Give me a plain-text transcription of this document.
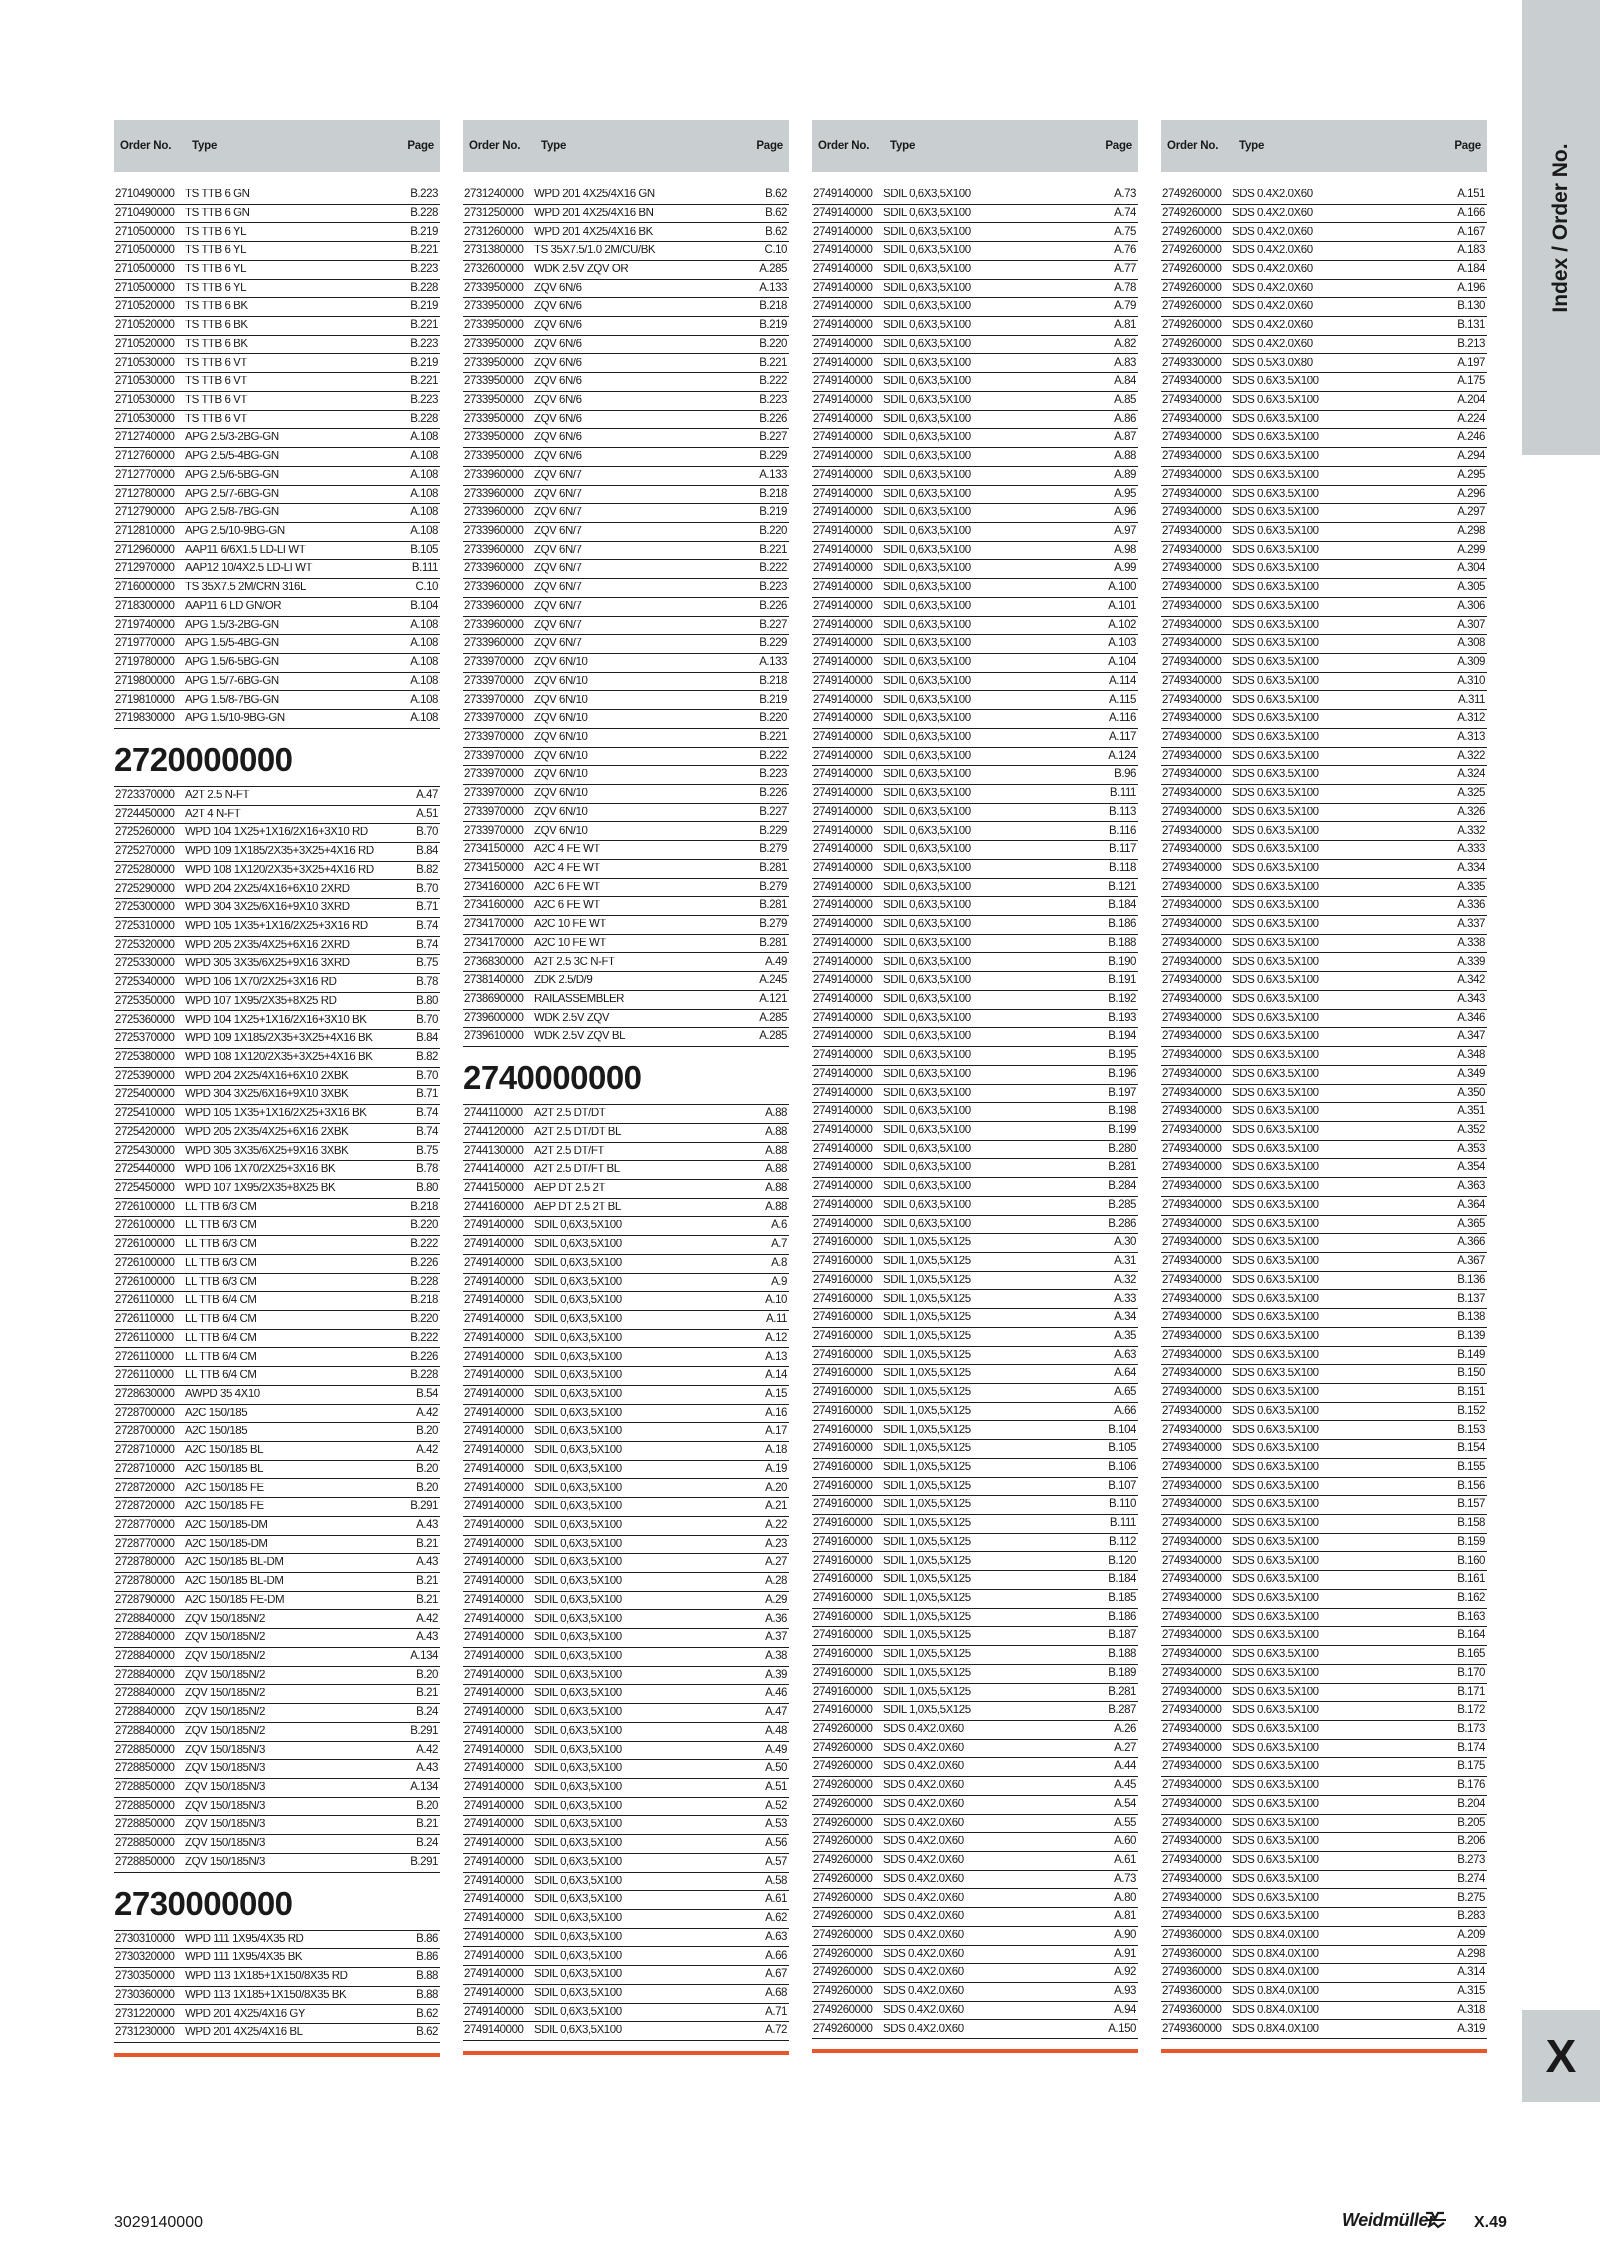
Order No.	Type	Page
2710490000 TS TTB 6 GN	B.223
2710490000 TS TTB 6 GN	B.228
2710500000 TS TTB 6 YL	B.219
2710500000 TS TTB 6 YL	B.221
2710500000 TS TTB 6 YL	B.223
2710500000 TS TTB 6 YL	B.228
2710520000 TS TTB 6 BK	B.219
2710520000 TS TTB 6 BK	B.221
2710520000 TS TTB 6 BK	B.223
2710530000 TS TTB 6 VT	B.219
2710530000 TS TTB 6 VT	B.221
2710530000 TS TTB 6 VT	B.223
2710530000 TS TTB 6 VT	B.228
2712740000 APG 2.5/3-2BG-GN	A.108
2712760000 APG 2.5/5-4BG-GN	A.108
2712770000 APG 2.5/6-5BG-GN	A.108
2712780000 APG 2.5/7-6BG-GN	A.108
2712790000 APG 2.5/8-7BG-GN	A.108
2712810000 APG 2.5/10-9BG-GN	A.108
2712960000 AAP11 6/6X1.5 LD-LI WT	B.105
2712970000 AAP12 10/4X2.5 LD-LI WT	B.111
2716000000 TS 35X7.5 2M/CRN 316L	C.10
2718300000 AAP11 6 LD GN/OR	B.104
2719740000 APG 1.5/3-2BG-GN	A.108
2719770000 APG 1.5/5-4BG-GN	A.108
2719780000 APG 1.5/6-5BG-GN	A.108
2719800000 APG 1.5/7-6BG-GN	A.108
2719810000 APG 1.5/8-7BG-GN	A.108
2719830000 APG 1.5/10-9BG-GN	A.108
2720000000
2723370000 A2T 2.5 N-FT	A.47
2724450000 A2T 4 N-FT	A.51
2725260000 WPD 104 1X25+1X16/2X16+3X10 RD	B.70
2725270000 WPD 109 1X185/2X35+3X25+4X16 RD	B.84
2725280000 WPD 108 1X120/2X35+3X25+4X16 RD	B.82
2725290000 WPD 204 2X25/4X16+6X10 2XRD	B.70
2725300000 WPD 304 3X25/6X16+9X10 3XRD	B.71
2725310000 WPD 105 1X35+1X16/2X25+3X16 RD	B.74
2725320000 WPD 205 2X35/4X25+6X16 2XRD	B.74
2725330000 WPD 305 3X35/6X25+9X16 3XRD	B.75
2725340000 WPD 106 1X70/2X25+3X16 RD	B.78
2725350000 WPD 107 1X95/2X35+8X25 RD	B.80
2725360000 WPD 104 1X25+1X16/2X16+3X10 BK	B.70
2725370000 WPD 109 1X185/2X35+3X25+4X16 BK	B.84
2725380000 WPD 108 1X120/2X35+3X25+4X16 BK	B.82
2725390000 WPD 204 2X25/4X16+6X10 2XBK	B.70
2725400000 WPD 304 3X25/6X16+9X10 3XBK	B.71
2725410000 WPD 105 1X35+1X16/2X25+3X16 BK	B.74
2725420000 WPD 205 2X35/4X25+6X16 2XBK	B.74
2725430000 WPD 305 3X35/6X25+9X16 3XBK	B.75
2725440000 WPD 106 1X70/2X25+3X16 BK	B.78
2725450000 WPD 107 1X95/2X35+8X25 BK	B.80
2726100000 LL TTB 6/3 CM	B.218
2726100000 LL TTB 6/3 CM	B.220
2726100000 LL TTB 6/3 CM	B.222
2726100000 LL TTB 6/3 CM	B.226
2726100000 LL TTB 6/3 CM	B.228
2726110000 LL TTB 6/4 CM	B.218
2726110000 LL TTB 6/4 CM	B.220
2726110000 LL TTB 6/4 CM	B.222
2726110000 LL TTB 6/4 CM	B.226
2726110000 LL TTB 6/4 CM	B.228
2728630000 AWPD 35 4X10	B.54
2728700000 A2C 150/185	A.42
2728700000 A2C 150/185	B.20
2728710000 A2C 150/185 BL	A.42
2728710000 A2C 150/185 BL	B.20
2728720000 A2C 150/185 FE	B.20
2728720000 A2C 150/185 FE	B.291
2728770000 A2C 150/185-DM	A.43
2728770000 A2C 150/185-DM	B.21
2728780000 A2C 150/185 BL-DM	A.43
2728780000 A2C 150/185 BL-DM	B.21
2728790000 A2C 150/185 FE-DM	B.21
2728840000 ZQV 150/185N/2	A.42
2728840000 ZQV 150/185N/2	A.43
2728840000 ZQV 150/185N/2	A.134
2728840000 ZQV 150/185N/2	B.20
2728840000 ZQV 150/185N/2	B.21
2728840000 ZQV 150/185N/2	B.24
2728840000 ZQV 150/185N/2	B.291
2728850000 ZQV 150/185N/3	A.42
2728850000 ZQV 150/185N/3	A.43
2728850000 ZQV 150/185N/3	A.134
2728850000 ZQV 150/185N/3	B.20
2728850000 ZQV 150/185N/3	B.21
2728850000 ZQV 150/185N/3	B.24
2728850000 ZQV 150/185N/3	B.291
2730000000
2730310000 WPD 111 1X95/4X35 RD	B.86
2730320000 WPD 111 1X95/4X35 BK	B.86
2730350000 WPD 113 1X185+1X150/8X35 RD	B.88
2730360000 WPD 113 1X185+1X150/8X35 BK	B.88
2731220000 WPD 201 4X25/4X16 GY	B.62
2731230000 WPD 201 4X25/4X16 BL	B.62
Order No.	Type	Page
2731240000 WPD 201 4X25/4X16 GN	B.62
2731250000 WPD 201 4X25/4X16 BN	B.62
2731260000 WPD 201 4X25/4X16 BK	B.62
2731380000 TS 35X7.5/1.0 2M/CU/BK	C.10
2732600000 WDK 2.5V ZQV OR	A.285
2733950000 ZQV 6N/6	A.133
2733950000 ZQV 6N/6	B.218
2733950000 ZQV 6N/6	B.219
2733950000 ZQV 6N/6	B.220
2733950000 ZQV 6N/6	B.221
2733950000 ZQV 6N/6	B.222
2733950000 ZQV 6N/6	B.223
2733950000 ZQV 6N/6	B.226
2733950000 ZQV 6N/6	B.227
2733950000 ZQV 6N/6	B.229
2733960000 ZQV 6N/7	A.133
2733960000 ZQV 6N/7	B.218
2733960000 ZQV 6N/7	B.219
2733960000 ZQV 6N/7	B.220
2733960000 ZQV 6N/7	B.221
2733960000 ZQV 6N/7	B.222
2733960000 ZQV 6N/7	B.223
2733960000 ZQV 6N/7	B.226
2733960000 ZQV 6N/7	B.227
2733960000 ZQV 6N/7	B.229
2733970000 ZQV 6N/10	A.133
2733970000 ZQV 6N/10	B.218
2733970000 ZQV 6N/10	B.219
2733970000 ZQV 6N/10	B.220
2733970000 ZQV 6N/10	B.221
2733970000 ZQV 6N/10	B.222
2733970000 ZQV 6N/10	B.223
2733970000 ZQV 6N/10	B.226
2733970000 ZQV 6N/10	B.227
2733970000 ZQV 6N/10	B.229
2734150000 A2C 4 FE WT	B.279
2734150000 A2C 4 FE WT	B.281
2734160000 A2C 6 FE WT	B.279
2734160000 A2C 6 FE WT	B.281
2734170000 A2C 10 FE WT	B.279
2734170000 A2C 10 FE WT	B.281
2736830000 A2T 2.5 3C N-FT	A.49
2738140000 ZDK 2.5/D/9	A.245
2738690000 RAILASSEMBLER	A.121
2739600000 WDK 2.5V ZQV	A.285
2739610000 WDK 2.5V ZQV BL	A.285
2740000000
2744110000 A2T 2.5 DT/DT	A.88
2744120000 A2T 2.5 DT/DT BL	A.88
2744130000 A2T 2.5 DT/FT	A.88
2744140000 A2T 2.5 DT/FT BL	A.88
2744150000 AEP DT 2.5 2T	A.88
2744160000 AEP DT 2.5 2T BL	A.88
2749140000 SDIL 0,6X3,5X100	A.6
2749140000 SDIL 0,6X3,5X100	A.7
2749140000 SDIL 0,6X3,5X100	A.8
2749140000 SDIL 0,6X3,5X100	A.9
2749140000 SDIL 0,6X3,5X100	A.10
2749140000 SDIL 0,6X3,5X100	A.11
2749140000 SDIL 0,6X3,5X100	A.12
2749140000 SDIL 0,6X3,5X100	A.13
2749140000 SDIL 0,6X3,5X100	A.14
2749140000 SDIL 0,6X3,5X100	A.15
2749140000 SDIL 0,6X3,5X100	A.16
2749140000 SDIL 0,6X3,5X100	A.17
2749140000 SDIL 0,6X3,5X100	A.18
2749140000 SDIL 0,6X3,5X100	A.19
2749140000 SDIL 0,6X3,5X100	A.20
2749140000 SDIL 0,6X3,5X100	A.21
2749140000 SDIL 0,6X3,5X100	A.22
2749140000 SDIL 0,6X3,5X100	A.23
2749140000 SDIL 0,6X3,5X100	A.27
2749140000 SDIL 0,6X3,5X100	A.28
2749140000 SDIL 0,6X3,5X100	A.29
2749140000 SDIL 0,6X3,5X100	A.36
2749140000 SDIL 0,6X3,5X100	A.37
2749140000 SDIL 0,6X3,5X100	A.38
2749140000 SDIL 0,6X3,5X100	A.39
2749140000 SDIL 0,6X3,5X100	A.46
2749140000 SDIL 0,6X3,5X100	A.47
2749140000 SDIL 0,6X3,5X100	A.48
2749140000 SDIL 0,6X3,5X100	A.49
2749140000 SDIL 0,6X3,5X100	A.50
2749140000 SDIL 0,6X3,5X100	A.51
2749140000 SDIL 0,6X3,5X100	A.52
2749140000 SDIL 0,6X3,5X100	A.53
2749140000 SDIL 0,6X3,5X100	A.56
2749140000 SDIL 0,6X3,5X100	A.57
2749140000 SDIL 0,6X3,5X100	A.58
2749140000 SDIL 0,6X3,5X100	A.61
2749140000 SDIL 0,6X3,5X100	A.62
2749140000 SDIL 0,6X3,5X100	A.63
2749140000 SDIL 0,6X3,5X100	A.66
2749140000 SDIL 0,6X3,5X100	A.67
2749140000 SDIL 0,6X3,5X100	A.68
2749140000 SDIL 0,6X3,5X100	A.71
2749140000 SDIL 0,6X3,5X100	A.72
Order No.	Type	Page
2749140000 SDIL 0,6X3,5X100	A.73
2749140000 SDIL 0,6X3,5X100	A.74
2749140000 SDIL 0,6X3,5X100	A.75
2749140000 SDIL 0,6X3,5X100	A.76
2749140000 SDIL 0,6X3,5X100	A.77
2749140000 SDIL 0,6X3,5X100	A.78
2749140000 SDIL 0,6X3,5X100	A.79
2749140000 SDIL 0,6X3,5X100	A.81
2749140000 SDIL 0,6X3,5X100	A.82
2749140000 SDIL 0,6X3,5X100	A.83
2749140000 SDIL 0,6X3,5X100	A.84
2749140000 SDIL 0,6X3,5X100	A.85
2749140000 SDIL 0,6X3,5X100	A.86
2749140000 SDIL 0,6X3,5X100	A.87
2749140000 SDIL 0,6X3,5X100	A.88
2749140000 SDIL 0,6X3,5X100	A.89
2749140000 SDIL 0,6X3,5X100	A.95
2749140000 SDIL 0,6X3,5X100	A.96
2749140000 SDIL 0,6X3,5X100	A.97
2749140000 SDIL 0,6X3,5X100	A.98
2749140000 SDIL 0,6X3,5X100	A.99
2749140000 SDIL 0,6X3,5X100	A.100
2749140000 SDIL 0,6X3,5X100	A.101
2749140000 SDIL 0,6X3,5X100	A.102
2749140000 SDIL 0,6X3,5X100	A.103
2749140000 SDIL 0,6X3,5X100	A.104
2749140000 SDIL 0,6X3,5X100	A.114
2749140000 SDIL 0,6X3,5X100	A.115
2749140000 SDIL 0,6X3,5X100	A.116
2749140000 SDIL 0,6X3,5X100	A.117
2749140000 SDIL 0,6X3,5X100	A.124
2749140000 SDIL 0,6X3,5X100	B.96
2749140000 SDIL 0,6X3,5X100	B.111
2749140000 SDIL 0,6X3,5X100	B.113
2749140000 SDIL 0,6X3,5X100	B.116
2749140000 SDIL 0,6X3,5X100	B.117
2749140000 SDIL 0,6X3,5X100	B.118
2749140000 SDIL 0,6X3,5X100	B.121
2749140000 SDIL 0,6X3,5X100	B.184
2749140000 SDIL 0,6X3,5X100	B.186
2749140000 SDIL 0,6X3,5X100	B.188
2749140000 SDIL 0,6X3,5X100	B.190
2749140000 SDIL 0,6X3,5X100	B.191
2749140000 SDIL 0,6X3,5X100	B.192
2749140000 SDIL 0,6X3,5X100	B.193
2749140000 SDIL 0,6X3,5X100	B.194
2749140000 SDIL 0,6X3,5X100	B.195
2749140000 SDIL 0,6X3,5X100	B.196
2749140000 SDIL 0,6X3,5X100	B.197
2749140000 SDIL 0,6X3,5X100	B.198
2749140000 SDIL 0,6X3,5X100	B.199
2749140000 SDIL 0,6X3,5X100	B.280
2749140000 SDIL 0,6X3,5X100	B.281
2749140000 SDIL 0,6X3,5X100	B.284
2749140000 SDIL 0,6X3,5X100	B.285
2749140000 SDIL 0,6X3,5X100	B.286
2749160000 SDIL 1,0X5,5X125	A.30
2749160000 SDIL 1,0X5,5X125	A.31
2749160000 SDIL 1,0X5,5X125	A.32
2749160000 SDIL 1,0X5,5X125	A.33
2749160000 SDIL 1,0X5,5X125	A.34
2749160000 SDIL 1,0X5,5X125	A.35
2749160000 SDIL 1,0X5,5X125	A.63
2749160000 SDIL 1,0X5,5X125	A.64
2749160000 SDIL 1,0X5,5X125	A.65
2749160000 SDIL 1,0X5,5X125	A.66
2749160000 SDIL 1,0X5,5X125	B.104
2749160000 SDIL 1,0X5,5X125	B.105
2749160000 SDIL 1,0X5,5X125	B.106
2749160000 SDIL 1,0X5,5X125	B.107
2749160000 SDIL 1,0X5,5X125	B.110
2749160000 SDIL 1,0X5,5X125	B.111
2749160000 SDIL 1,0X5,5X125	B.112
2749160000 SDIL 1,0X5,5X125	B.120
2749160000 SDIL 1,0X5,5X125	B.184
2749160000 SDIL 1,0X5,5X125	B.185
2749160000 SDIL 1,0X5,5X125	B.186
2749160000 SDIL 1,0X5,5X125	B.187
2749160000 SDIL 1,0X5,5X125	B.188
2749160000 SDIL 1,0X5,5X125	B.189
2749160000 SDIL 1,0X5,5X125	B.281
2749160000 SDIL 1,0X5,5X125	B.287
2749260000 SDS 0.4X2.0X60	A.26
2749260000 SDS 0.4X2.0X60	A.27
2749260000 SDS 0.4X2.0X60	A.44
2749260000 SDS 0.4X2.0X60	A.45
2749260000 SDS 0.4X2.0X60	A.54
2749260000 SDS 0.4X2.0X60	A.55
2749260000 SDS 0.4X2.0X60	A.60
2749260000 SDS 0.4X2.0X60	A.61
2749260000 SDS 0.4X2.0X60	A.73
2749260000 SDS 0.4X2.0X60	A.80
2749260000 SDS 0.4X2.0X60	A.81
2749260000 SDS 0.4X2.0X60	A.90
2749260000 SDS 0.4X2.0X60	A.91
2749260000 SDS 0.4X2.0X60	A.92
2749260000 SDS 0.4X2.0X60	A.93
2749260000 SDS 0.4X2.0X60	A.94
2749260000 SDS 0.4X2.0X60	A.150
Order No.	Type	Page
2749260000 SDS 0.4X2.0X60	A.151
2749260000 SDS 0.4X2.0X60	A.166
2749260000 SDS 0.4X2.0X60	A.167
2749260000 SDS 0.4X2.0X60	A.183
2749260000 SDS 0.4X2.0X60	A.184
2749260000 SDS 0.4X2.0X60	A.196
2749260000 SDS 0.4X2.0X60	B.130
2749260000 SDS 0.4X2.0X60	B.131
2749260000 SDS 0.4X2.0X60	B.213
2749330000 SDS 0.5X3.0X80	A.197
2749340000 SDS 0.6X3.5X100	A.175
2749340000 SDS 0.6X3.5X100	A.204
2749340000 SDS 0.6X3.5X100	A.224
2749340000 SDS 0.6X3.5X100	A.246
2749340000 SDS 0.6X3.5X100	A.294
2749340000 SDS 0.6X3.5X100	A.295
2749340000 SDS 0.6X3.5X100	A.296
2749340000 SDS 0.6X3.5X100	A.297
2749340000 SDS 0.6X3.5X100	A.298
2749340000 SDS 0.6X3.5X100	A.299
2749340000 SDS 0.6X3.5X100	A.304
2749340000 SDS 0.6X3.5X100	A.305
2749340000 SDS 0.6X3.5X100	A.306
2749340000 SDS 0.6X3.5X100	A.307
2749340000 SDS 0.6X3.5X100	A.308
2749340000 SDS 0.6X3.5X100	A.309
2749340000 SDS 0.6X3.5X100	A.310
2749340000 SDS 0.6X3.5X100	A.311
2749340000 SDS 0.6X3.5X100	A.312
2749340000 SDS 0.6X3.5X100	A.313
2749340000 SDS 0.6X3.5X100	A.322
2749340000 SDS 0.6X3.5X100	A.324
2749340000 SDS 0.6X3.5X100	A.325
2749340000 SDS 0.6X3.5X100	A.326
2749340000 SDS 0.6X3.5X100	A.332
2749340000 SDS 0.6X3.5X100	A.333
2749340000 SDS 0.6X3.5X100	A.334
2749340000 SDS 0.6X3.5X100	A.335
2749340000 SDS 0.6X3.5X100	A.336
2749340000 SDS 0.6X3.5X100	A.337
2749340000 SDS 0.6X3.5X100	A.338
2749340000 SDS 0.6X3.5X100	A.339
2749340000 SDS 0.6X3.5X100	A.342
2749340000 SDS 0.6X3.5X100	A.343
2749340000 SDS 0.6X3.5X100	A.346
2749340000 SDS 0.6X3.5X100	A.347
2749340000 SDS 0.6X3.5X100	A.348
2749340000 SDS 0.6X3.5X100	A.349
2749340000 SDS 0.6X3.5X100	A.350
2749340000 SDS 0.6X3.5X100	A.351
2749340000 SDS 0.6X3.5X100	A.352
2749340000 SDS 0.6X3.5X100	A.353
2749340000 SDS 0.6X3.5X100	A.354
2749340000 SDS 0.6X3.5X100	A.363
2749340000 SDS 0.6X3.5X100	A.364
2749340000 SDS 0.6X3.5X100	A.365
2749340000 SDS 0.6X3.5X100	A.366
2749340000 SDS 0.6X3.5X100	A.367
2749340000 SDS 0.6X3.5X100	B.136
2749340000 SDS 0.6X3.5X100	B.137
2749340000 SDS 0.6X3.5X100	B.138
2749340000 SDS 0.6X3.5X100	B.139
2749340000 SDS 0.6X3.5X100	B.149
2749340000 SDS 0.6X3.5X100	B.150
2749340000 SDS 0.6X3.5X100	B.151
2749340000 SDS 0.6X3.5X100	B.152
2749340000 SDS 0.6X3.5X100	B.153
2749340000 SDS 0.6X3.5X100	B.154
2749340000 SDS 0.6X3.5X100	B.155
2749340000 SDS 0.6X3.5X100	B.156
2749340000 SDS 0.6X3.5X100	B.157
2749340000 SDS 0.6X3.5X100	B.158
2749340000 SDS 0.6X3.5X100	B.159
2749340000 SDS 0.6X3.5X100	B.160
2749340000 SDS 0.6X3.5X100	B.161
2749340000 SDS 0.6X3.5X100	B.162
2749340000 SDS 0.6X3.5X100	B.163
2749340000 SDS 0.6X3.5X100	B.164
2749340000 SDS 0.6X3.5X100	B.165
2749340000 SDS 0.6X3.5X100	B.170
2749340000 SDS 0.6X3.5X100	B.171
2749340000 SDS 0.6X3.5X100	B.172
2749340000 SDS 0.6X3.5X100	B.173
2749340000 SDS 0.6X3.5X100	B.174
2749340000 SDS 0.6X3.5X100	B.175
2749340000 SDS 0.6X3.5X100	B.176
2749340000 SDS 0.6X3.5X100	B.204
2749340000 SDS 0.6X3.5X100	B.205
2749340000 SDS 0.6X3.5X100	B.206
2749340000 SDS 0.6X3.5X100	B.273
2749340000 SDS 0.6X3.5X100	B.274
2749340000 SDS 0.6X3.5X100	B.275
2749340000 SDS 0.6X3.5X100	B.283
2749360000 SDS 0.8X4.0X100	A.209
2749360000 SDS 0.8X4.0X100	A.298
2749360000 SDS 0.8X4.0X100	A.314
2749360000 SDS 0.8X4.0X100	A.315
2749360000 SDS 0.8X4.0X100	A.318
2749360000 SDS 0.8X4.0X100	A.319
Index / Order No.
X
3029140000	Weidmüller X.49
